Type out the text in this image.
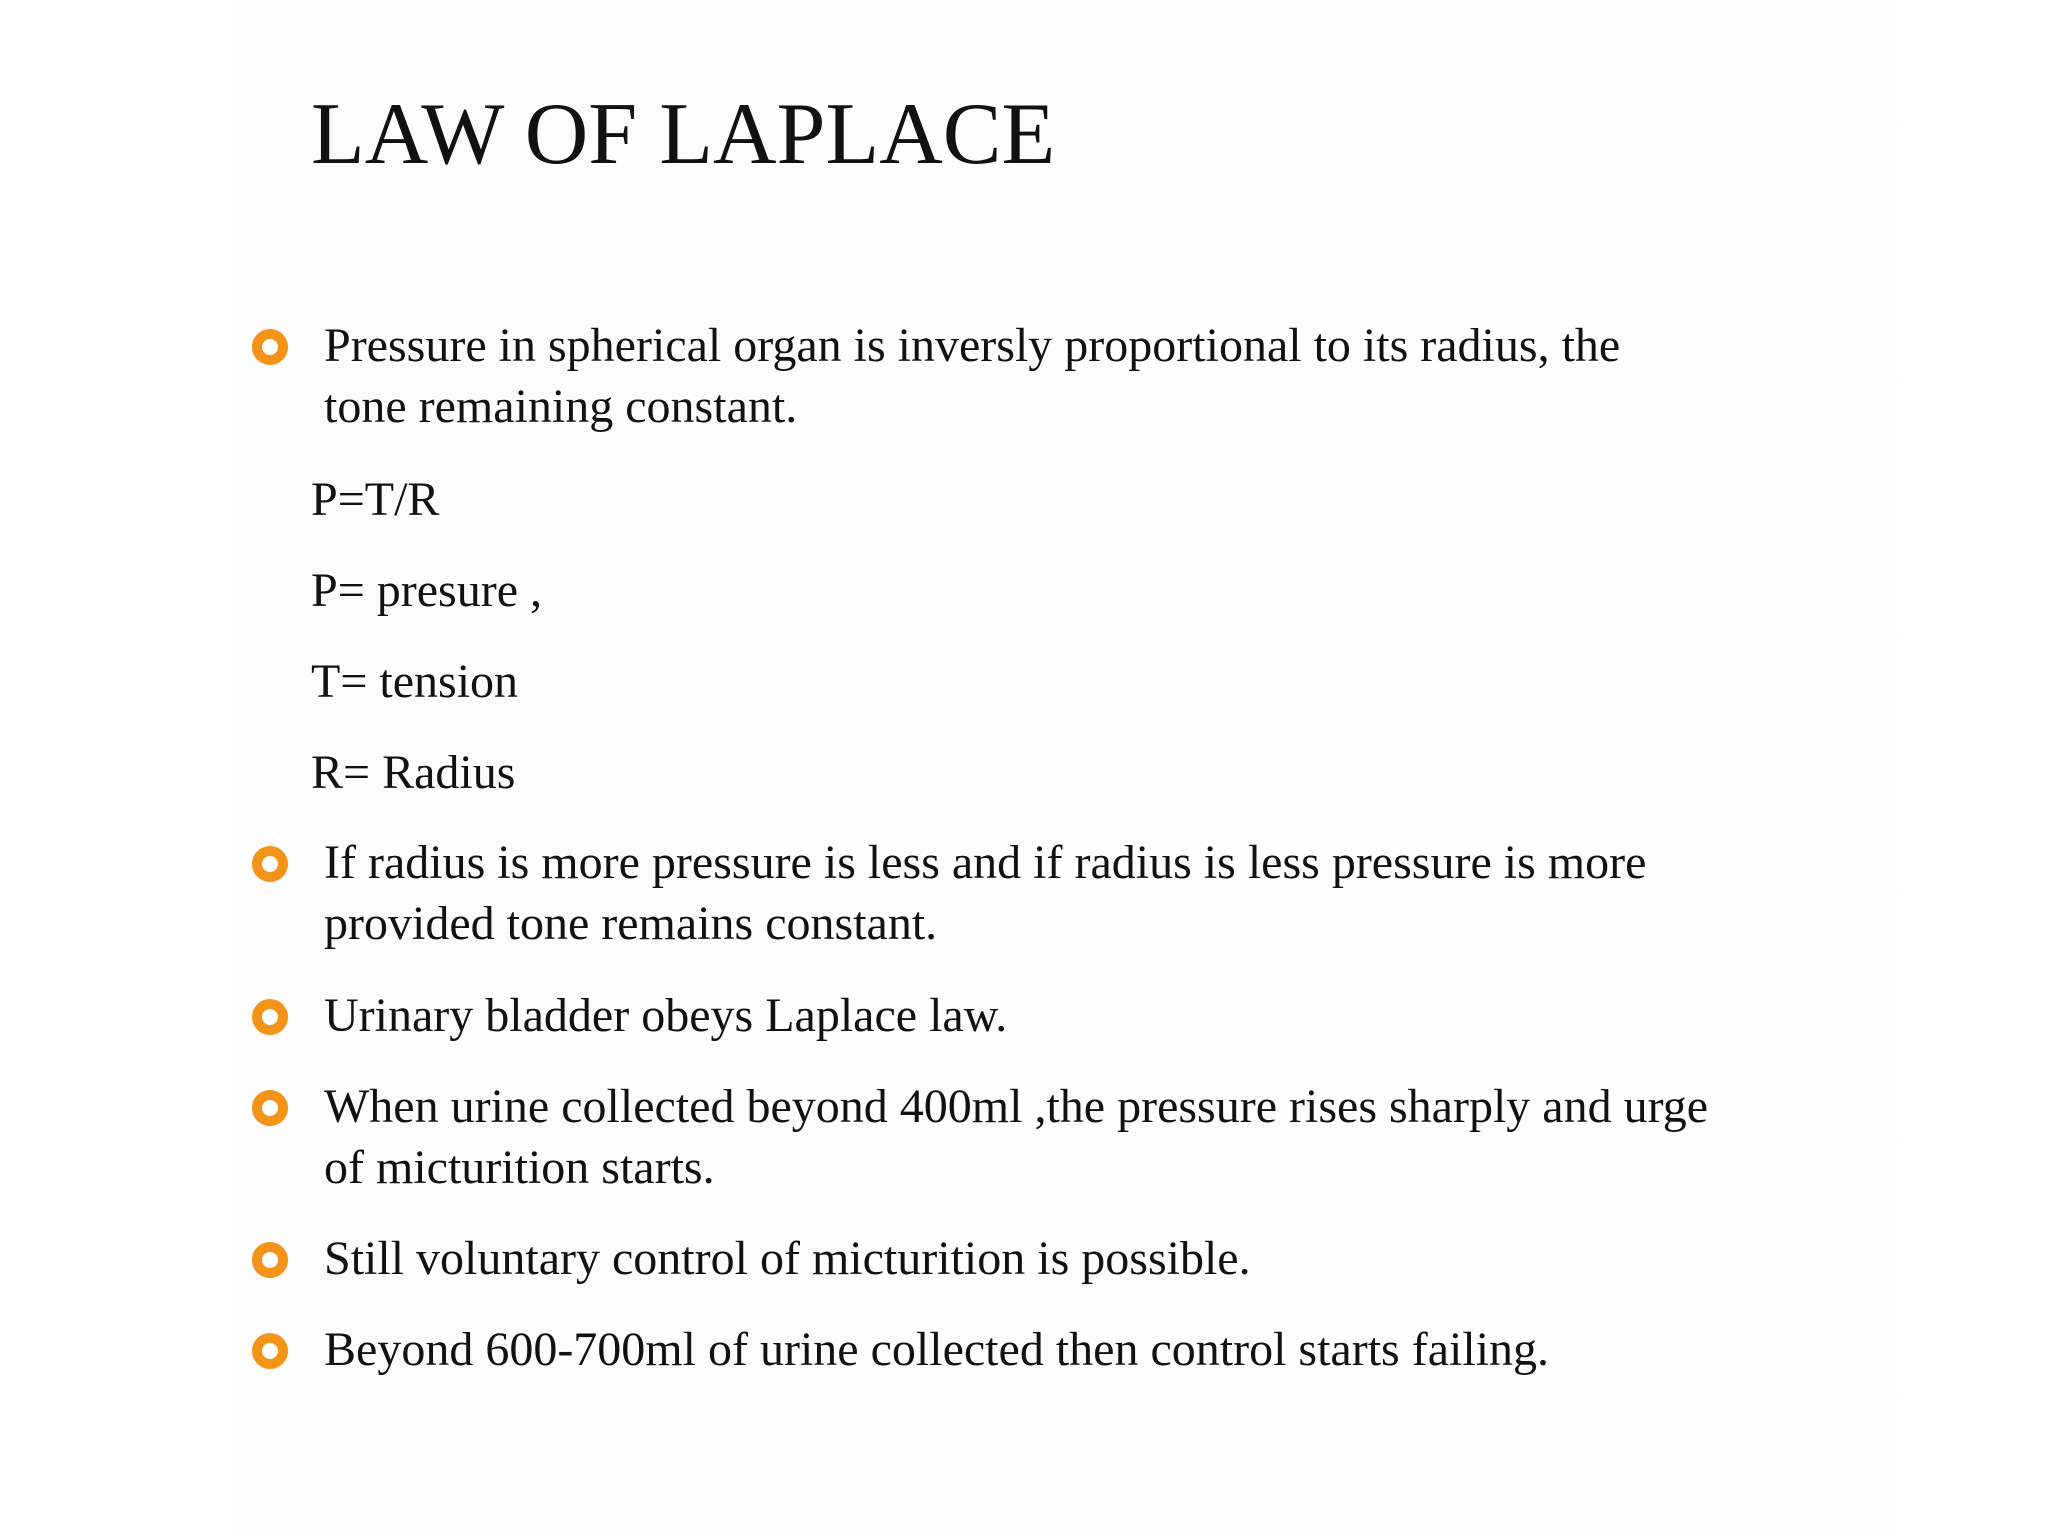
LAW OF LAPLACE
Pressure in spherical organ is inversly proportional to its radius, the
tone remaining constant.
P=T/R
P= presure ,
T= tension
R= Radius
If radius is more pressure is less and if radius is less pressure is more
provided tone remains constant.
Urinary bladder obeys Laplace law.
When urine collected beyond 400ml ,the pressure rises sharply and urge
of micturition starts.
Still voluntary control of micturition is possible.
Beyond 600-700ml of urine collected then control starts failing.
